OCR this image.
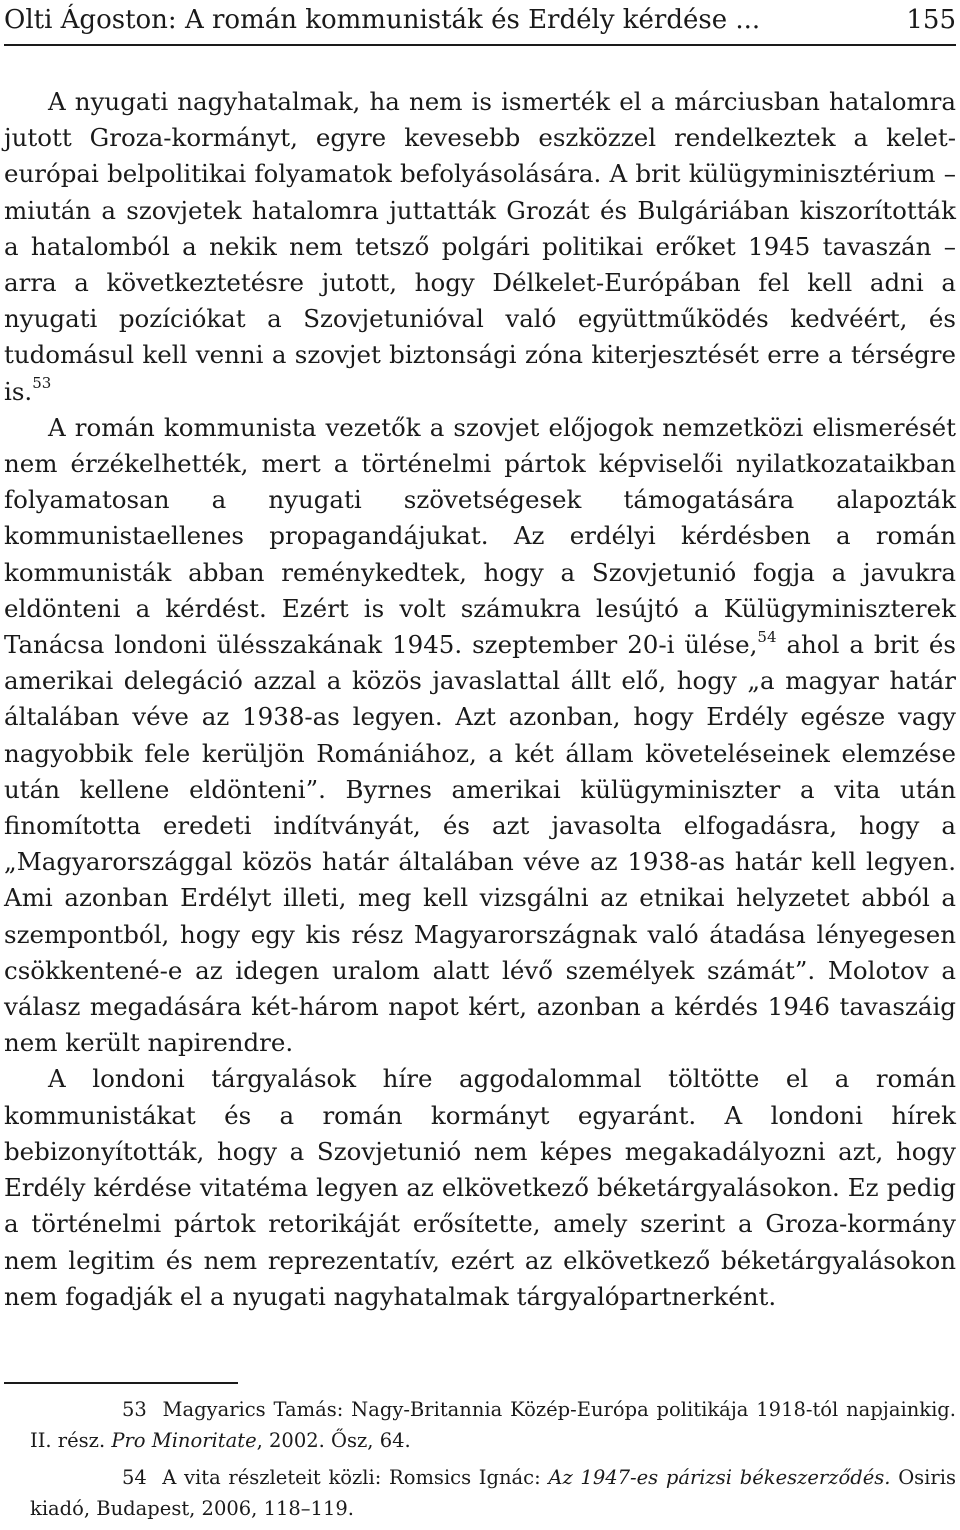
Olti Ágoston: A román kommunisták és Erdély kérdése ...	155

A nyugati nagyhatalmak, ha nem is ismerték el a márciusban hatalomra jutott Groza-kormányt, egyre kevesebb eszközzel rendelkeztek a kelet-európai belpolitikai folyamatok befolyásolására. A brit külügyminisztérium – miután a szovjetek hatalomra juttatták Grozát és Bulgáriában kiszorították a hatalomból a nekik nem tetsző polgári politikai erőket 1945 tavaszán – arra a következtetésre jutott, hogy Délkelet-Európában fel kell adni a nyugati pozíciókat a Szovjetunióval való együttműködés kedvéért, és tudomásul kell venni a szovjet biztonsági zóna kiterjesztését erre a térségre is.$^{53}$

A román kommunista vezetők a szovjet előjogok nemzetközi elismerését nem érzékelhették, mert a történelmi pártok képviselői nyilatkozataikban folyamatosan a nyugati szövetségesek támogatására alapozták kommunistaellenes propagandájukat. Az erdélyi kérdésben a román kommunisták abban reménykedtek, hogy a Szovjetunió fogja a javukra eldönteni a kérdést. Ezért is volt számukra lesújtó a Külügyminiszterek Tanácsa londoni ülésszakának 1945. szeptember 20-i ülése,$^{54}$ ahol a brit és amerikai delegáció azzal a közös javaslattal állt elő, hogy „a magyar határ általában véve az 1938-as legyen. Azt azonban, hogy Erdély egésze vagy nagyobbik fele kerüljön Romániához, a két állam követeléseinek elemzése után kellene eldönteni”. Byrnes amerikai külügyminiszter a vita után finomította eredeti indítványát, és azt javasolta elfogadásra, hogy a „Magyarországgal közös határ általában véve az 1938-as határ kell legyen. Ami azonban Erdélyt illeti, meg kell vizsgálni az etnikai helyzetet abból a szempontból, hogy egy kis rész Magyarországnak való átadása lényegesen csökkentené-e az idegen uralom alatt lévő személyek számát”. Molotov a válasz megadására két-három napot kért, azonban a kérdés 1946 tavaszáig nem került napirendre.

A londoni tárgyalások híre aggodalommal töltötte el a román kommunistákat és a román kormányt egyaránt. A londoni hírek bebizonyították, hogy a Szovjetunió nem képes megakadályozni azt, hogy Erdély kérdése vitatéma legyen az elkövetkező béketárgyalásokon. Ez pedig a történelmi pártok retorikáját erősítette, amely szerint a Groza-kormány nem legitim és nem reprezentatív, ezért az elkövetkező béketárgyalásokon nem fogadják el a nyugati nagyhatalmak tárgyalópartnerként.

53 Magyarics Tamás: Nagy-Britannia Közép-Európa politikája 1918-tól napjainkig. II. rész. Pro Minoritate, 2002. Ősz, 64.

54 A vita részleteit közli: Romsics Ignác: Az 1947-es párizsi békeszerződés. Osiris kiadó, Budapest, 2006, 118–119.
